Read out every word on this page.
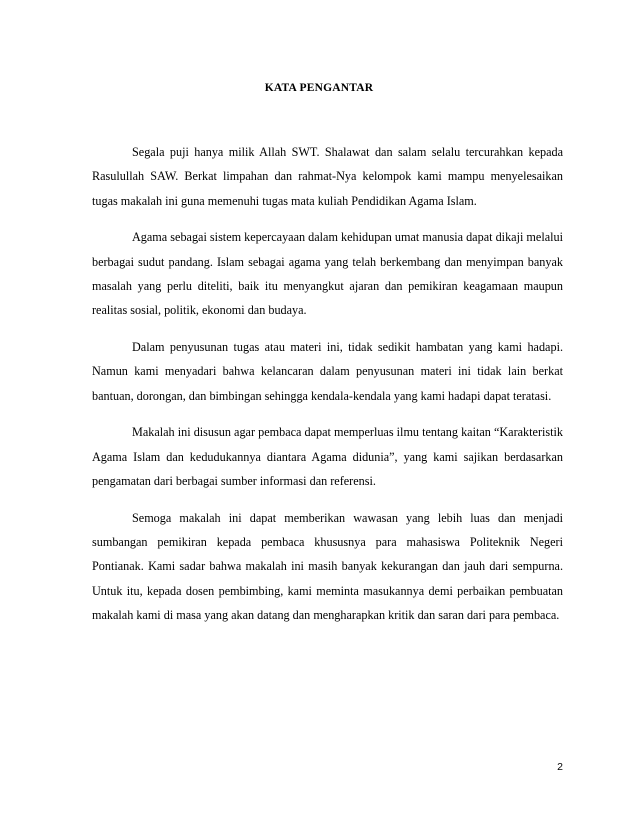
KATA PENGANTAR

Segala puji hanya milik Allah SWT. Shalawat dan salam selalu tercurahkan kepada Rasulullah SAW. Berkat limpahan dan rahmat-Nya kelompok kami mampu menyelesaikan tugas makalah ini guna memenuhi tugas mata kuliah Pendidikan Agama Islam.

Agama sebagai sistem kepercayaan dalam kehidupan umat manusia dapat dikaji melalui berbagai sudut pandang. Islam sebagai agama yang telah berkembang dan menyimpan banyak masalah yang perlu diteliti, baik itu menyangkut ajaran dan pemikiran keagamaan maupun realitas sosial, politik, ekonomi dan budaya.

Dalam penyusunan tugas atau materi ini, tidak sedikit hambatan yang kami hadapi. Namun kami menyadari bahwa kelancaran dalam penyusunan materi ini tidak lain berkat bantuan, dorongan, dan bimbingan sehingga kendala-kendala yang kami hadapi dapat teratasi.

Makalah ini disusun agar pembaca dapat memperluas ilmu tentang kaitan “Karakteristik Agama Islam dan kedudukannya diantara Agama didunia”, yang kami sajikan berdasarkan pengamatan dari berbagai sumber informasi dan referensi.

Semoga makalah ini dapat memberikan wawasan yang lebih luas dan menjadi sumbangan pemikiran kepada pembaca khususnya para mahasiswa Politeknik Negeri Pontianak. Kami sadar bahwa makalah ini masih banyak kekurangan dan jauh dari sempurna. Untuk itu, kepada dosen pembimbing, kami meminta masukannya demi perbaikan pembuatan makalah kami di masa yang akan datang dan mengharapkan kritik dan saran dari para pembaca.

2
